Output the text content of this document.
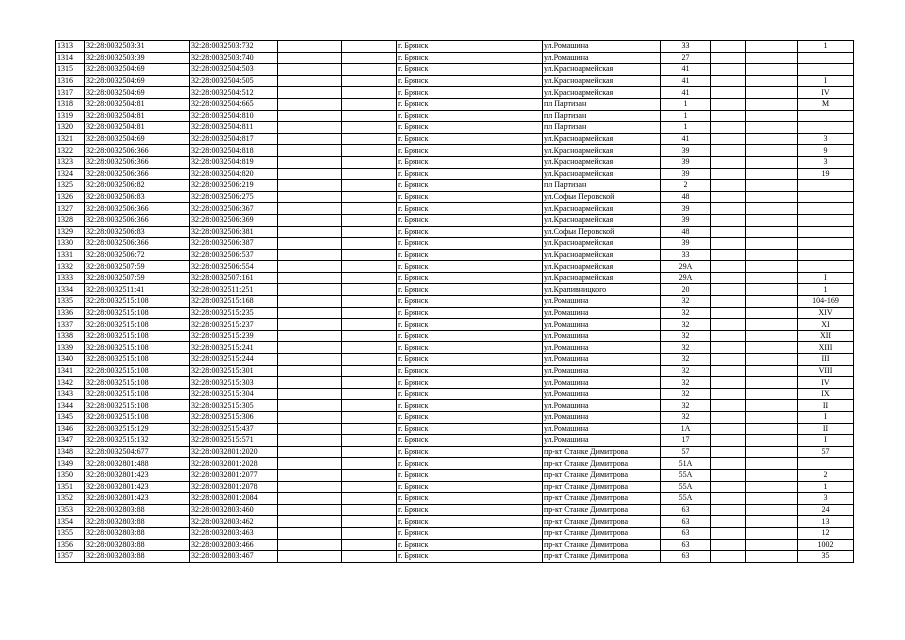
1313	32:28:0032503:31	32:28:0032503:732			г. Брянск	ул.Ромашина	33			1
1314	32:28:0032503:39	32:28:0032503:740			г. Брянск	ул.Ромашина	27			
1315	32:28:0032504:69	32:28:0032504:503			г. Брянск	ул.Красноармейская	41			
1316	32:28:0032504:69	32:28:0032504:505			г. Брянск	ул.Красноармейская	41			I
1317	32:28:0032504:69	32:28:0032504:512			г. Брянск	ул.Красноармейская	41			IV
1318	32:28:0032504:81	32:28:0032504:665			г. Брянск	пл Партизан	1			М
1319	32:28:0032504:81	32:28:0032504:810			г. Брянск	пл Партизан	1			
1320	32:28:0032504:81	32:28:0032504:811			г. Брянск	пл Партизан	1			
1321	32:28:0032504:69	32:28:0032504:817			г. Брянск	ул.Красноармейская	41			3
1322	32:28:0032506:366	32:28:0032504:818			г. Брянск	ул.Красноармейская	39			9
1323	32:28:0032506:366	32:28:0032504:819			г. Брянск	ул.Красноармейская	39			3
1324	32:28:0032506:366	32:28:0032504:820			г. Брянск	ул.Красноармейская	39			19
1325	32:28:0032506:82	32:28:0032506:219			г. Брянск	пл Партизан	2			
1326	32:28:0032506:83	32:28:0032506:275			г. Брянск	ул.Софьи Перовской	48			
1327	32:28:0032506:366	32:28:0032506:367			г. Брянск	ул.Красноармейская	39			
1328	32:28:0032506:366	32:28:0032506:369			г. Брянск	ул.Красноармейская	39			
1329	32:28:0032506:83	32:28:0032506:381			г. Брянск	ул.Софьи Перовской	48			
1330	32:28:0032506:366	32:28:0032506:387			г. Брянск	ул.Красноармейская	39			
1331	32:28:0032506:72	32:28:0032506:537			г. Брянск	ул.Красноармейская	33			
1332	32:28:0032507:59	32:28:0032506:554			г. Брянск	ул.Красноармейская	29А			
1333	32:28:0032507:59	32:28:0032507:161			г. Брянск	ул.Красноармейская	29А			I
1334	32:28:0032511:41	32:28:0032511:251			г. Брянск	ул.Крапивницкого	20			1
1335	32:28:0032515:108	32:28:0032515:168			г. Брянск	ул.Ромашина	32			104-169
1336	32:28:0032515:108	32:28:0032515:235			г. Брянск	ул.Ромашина	32			XIV
1337	32:28:0032515:108	32:28:0032515:237			г. Брянск	ул.Ромашина	32			XI
1338	32:28:0032515:108	32:28:0032515:239			г. Брянск	ул.Ромашина	32			XII
1339	32:28:0032515:108	32:28:0032515:241			г. Брянск	ул.Ромашина	32			XIII
1340	32:28:0032515:108	32:28:0032515:244			г. Брянск	ул.Ромашина	32			III
1341	32:28:0032515:108	32:28:0032515:301			г. Брянск	ул.Ромашина	32			VIII
1342	32:28:0032515:108	32:28:0032515:303			г. Брянск	ул.Ромашина	32			IV
1343	32:28:0032515:108	32:28:0032515:304			г. Брянск	ул.Ромашина	32			IX
1344	32:28:0032515:108	32:28:0032515:305			г. Брянск	ул.Ромашина	32			II
1345	32:28:0032515:108	32:28:0032515:306			г. Брянск	ул.Ромашина	32			I
1346	32:28:0032515:129	32:28:0032515:437			г. Брянск	ул.Ромашина	1А			II
1347	32:28:0032515:132	32:28:0032515:571			г. Брянск	ул.Ромашина	17			I
1348	32:28:0032504:677	32:28:0032801:2020			г. Брянск	пр-кт Станке Димитрова	57			57
1349	32:28:0032801:488	32:28:0032801:2028			г. Брянск	пр-кт Станке Димитрова	51А			
1350	32:28:0032801:423	32:28:0032801:2077			г. Брянск	пр-кт Станке Димитрова	55А			2
1351	32:28:0032801:423	32:28:0032801:2078			г. Брянск	пр-кт Станке Димитрова	55А			1
1352	32:28:0032801:423	32:28:0032801:2084			г. Брянск	пр-кт Станке Димитрова	55А			3
1353	32:28:0032803:88	32:28:0032803:460			г. Брянск	пр-кт Станке Димитрова	63			24
1354	32:28:0032803:88	32:28:0032803:462			г. Брянск	пр-кт Станке Димитрова	63			13
1355	32:28:0032803:88	32:28:0032803:463			г. Брянск	пр-кт Станке Димитрова	63			12
1356	32:28:0032803:88	32:28:0032803:466			г. Брянск	пр-кт Станке Димитрова	63			1002
1357	32:28:0032803:88	32:28:0032803:467			г. Брянск	пр-кт Станке Димитрова	63			35
